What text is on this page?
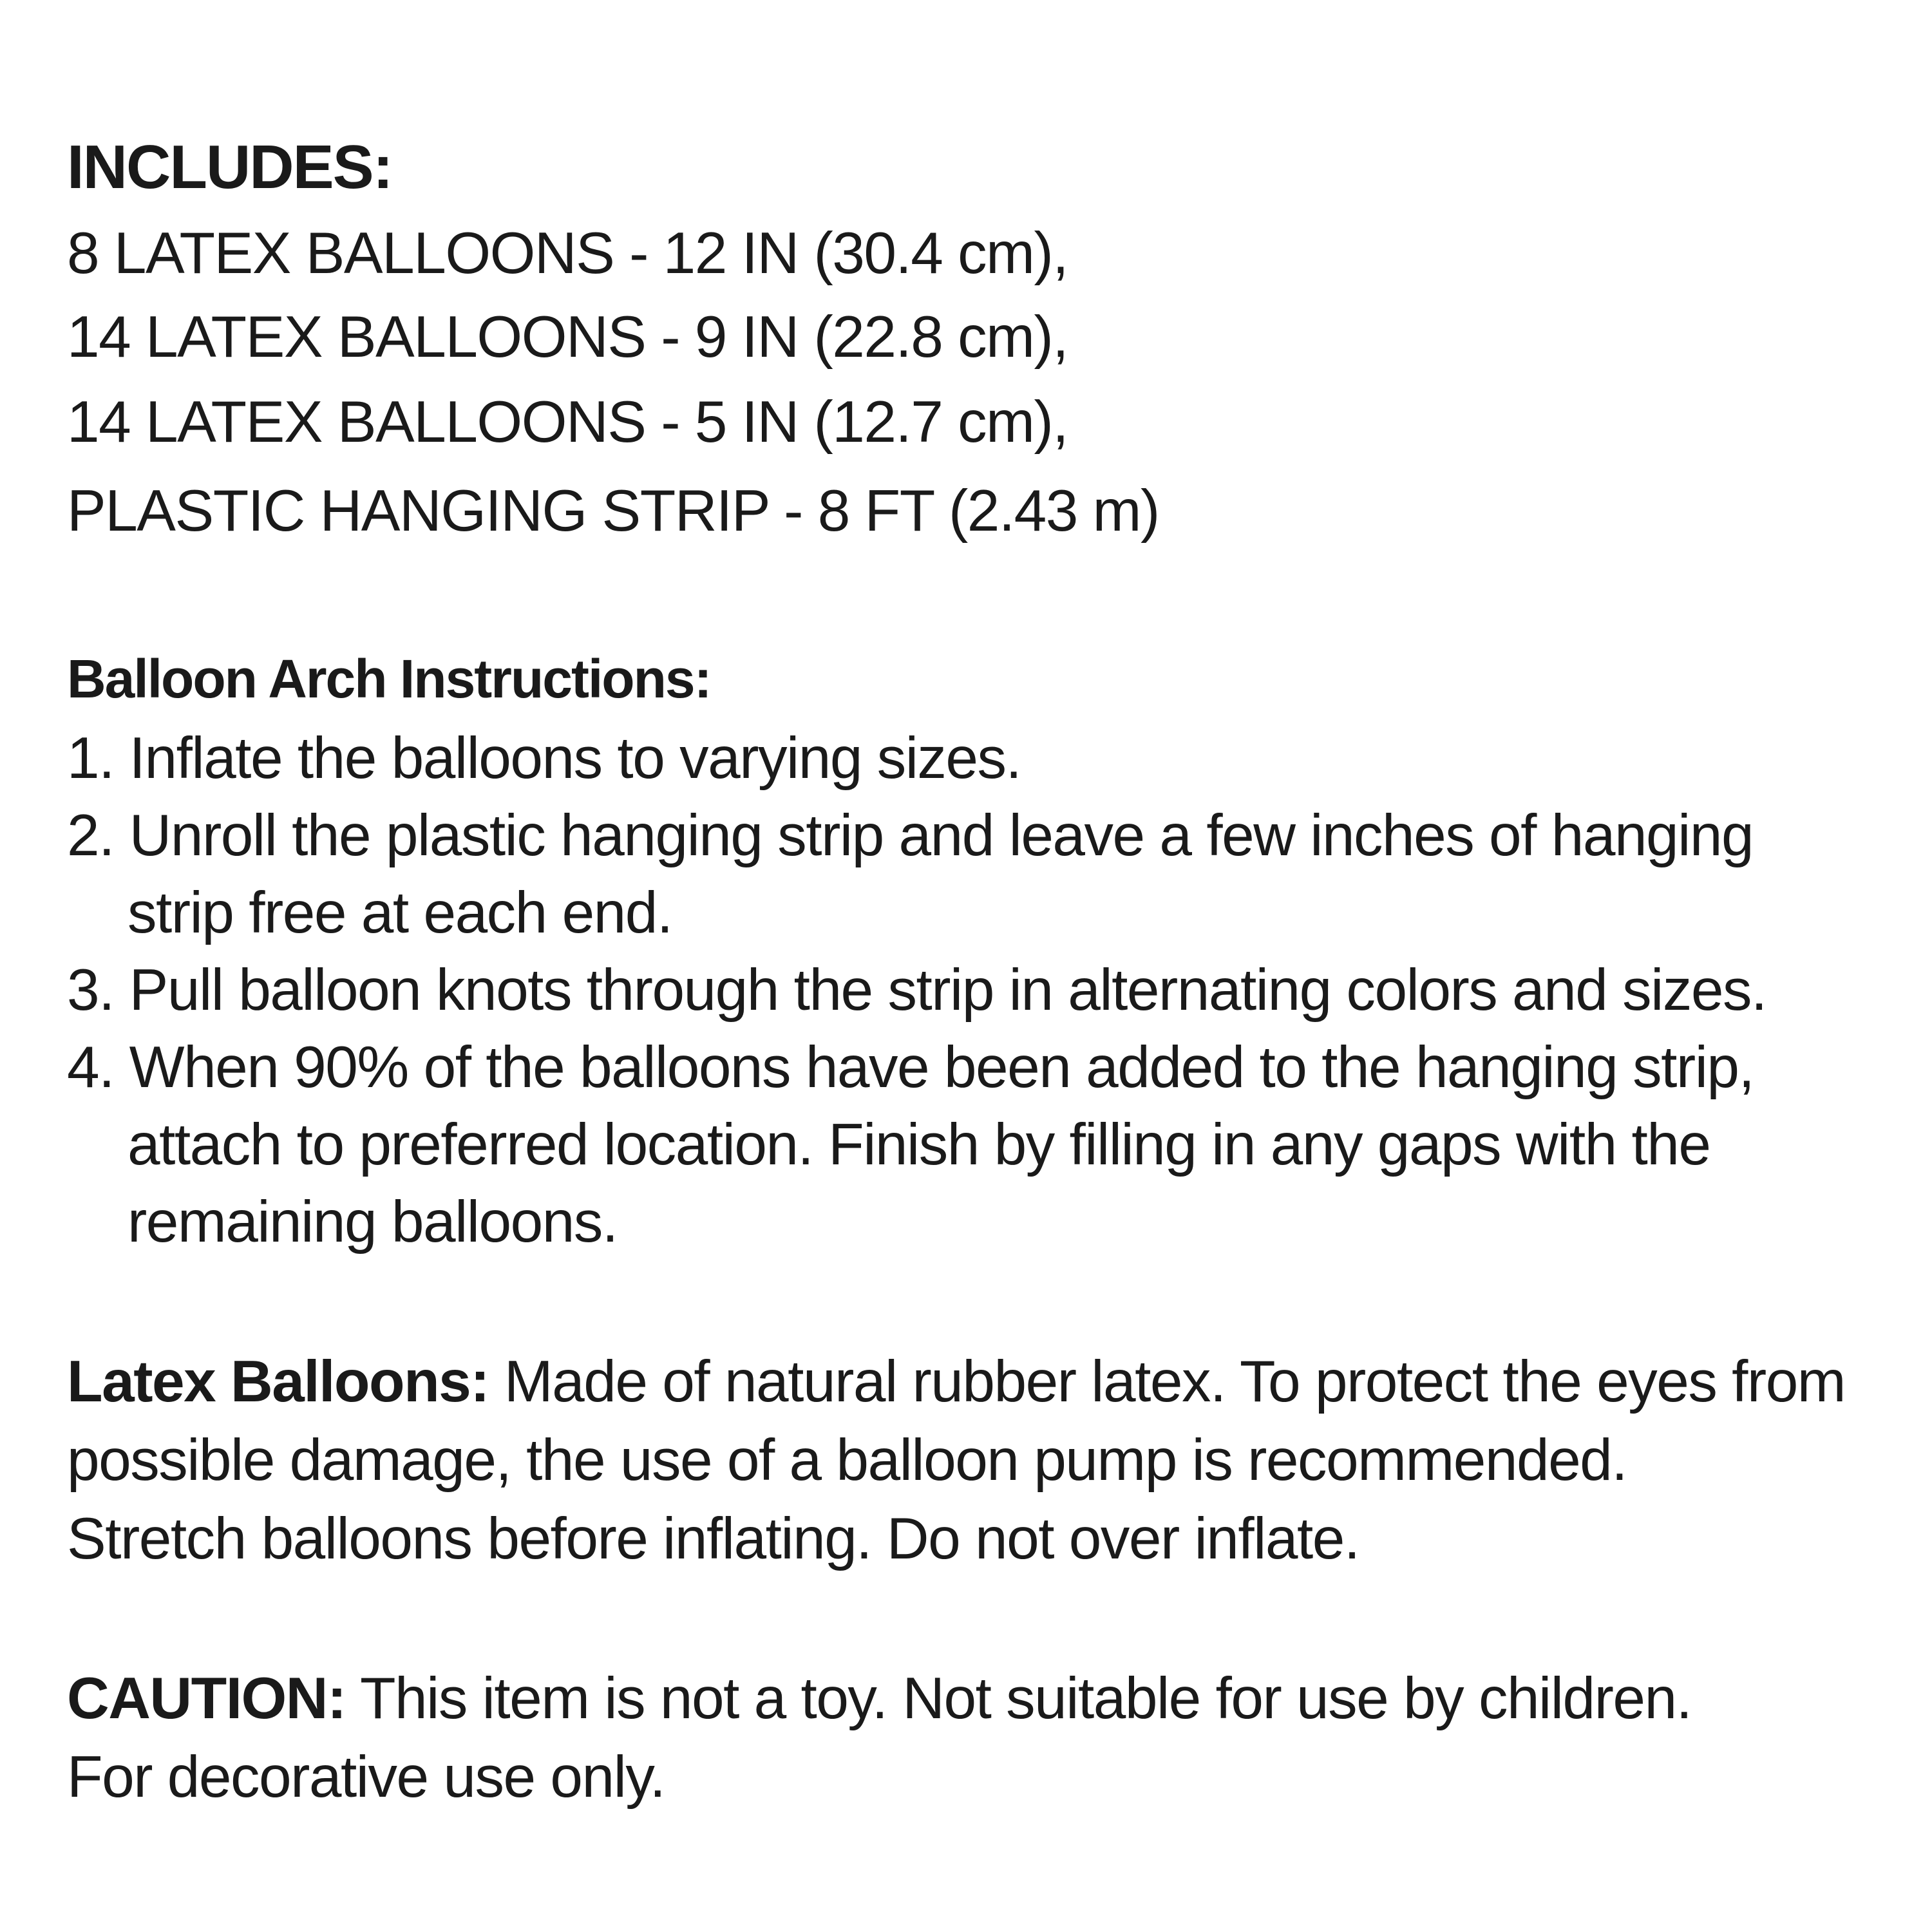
INCLUDES:
8 LATEX BALLOONS - 12 IN (30.4 cm),
14 LATEX BALLOONS - 9 IN (22.8 cm),
14 LATEX BALLOONS - 5 IN (12.7 cm),
PLASTIC HANGING STRIP - 8 FT (2.43 m)
Balloon Arch Instructions:
1. Inflate the balloons to varying sizes.
2. Unroll the plastic hanging strip and leave a few inches of hanging
strip free at each end.
3. Pull balloon knots through the strip in alternating colors and sizes.
4. When 90% of the balloons have been added to the hanging strip,
attach to preferred location. Finish by filling in any gaps with the
remaining balloons.
Latex Balloons: Made of natural rubber latex. To protect the eyes from
possible damage, the use of a balloon pump is recommended.
Stretch balloons before inflating. Do not over inflate.
CAUTION: This item is not a toy. Not suitable for use by children.
For decorative use only.
